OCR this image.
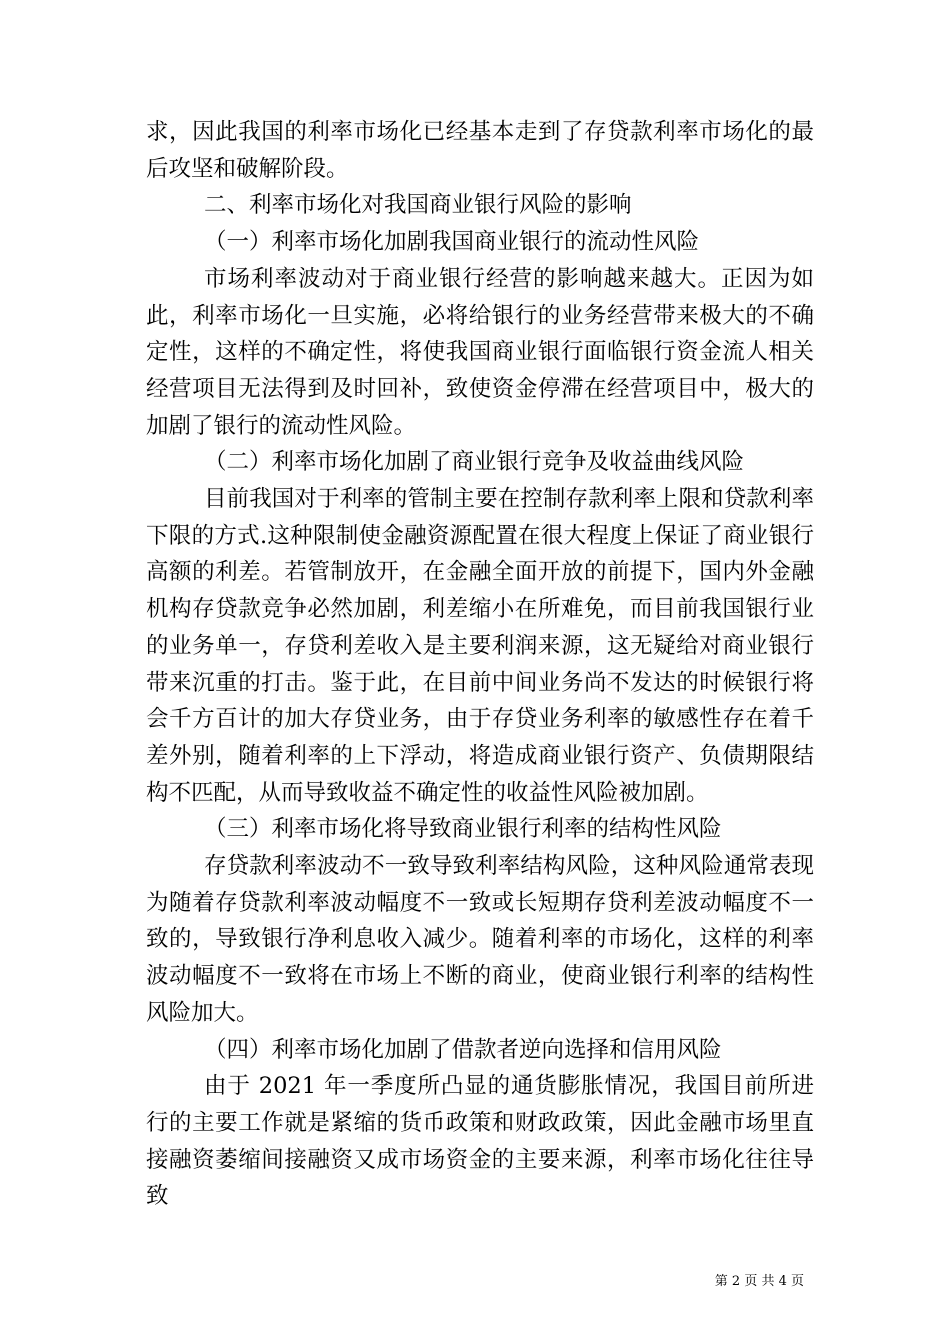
求，因此我国的利率市场化已经基本走到了存贷款利率市场化的最后攻坚和破解阶段。

二、利率市场化对我国商业银行风险的影响

（一）利率市场化加剧我国商业银行的流动性风险

市场利率波动对于商业银行经营的影响越来越大。正因为如此，利率市场化一旦实施，必将给银行的业务经营带来极大的不确定性，这样的不确定性，将使我国商业银行面临银行资金流人相关经营项目无法得到及时回补，致使资金停滞在经营项目中，极大的加剧了银行的流动性风险。

（二）利率市场化加剧了商业银行竞争及收益曲线风险

目前我国对于利率的管制主要在控制存款利率上限和贷款利率下限的方式.这种限制使金融资源配置在很大程度上保证了商业银行高额的利差。若管制放开，在金融全面开放的前提下，国内外金融机构存贷款竞争必然加剧，利差缩小在所难免，而目前我国银行业的业务单一，存贷利差收入是主要利润来源，这无疑给对商业银行带来沉重的打击。鉴于此，在目前中间业务尚不发达的时候银行将会千方百计的加大存贷业务，由于存贷业务利率的敏感性存在着千差外别，随着利率的上下浮动，将造成商业银行资产、负债期限结构不匹配，从而导致收益不确定性的收益性风险被加剧。

（三）利率市场化将导致商业银行利率的结构性风险

存贷款利率波动不一致导致利率结构风险，这种风险通常表现为随着存贷款利率波动幅度不一致或长短期存贷利差波动幅度不一致的，导致银行净利息收入减少。随着利率的市场化，这样的利率波动幅度不一致将在市场上不断的商业，使商业银行利率的结构性风险加大。

（四）利率市场化加剧了借款者逆向选择和信用风险

由于 2021 年一季度所凸显的通货膨胀情况，我国目前所进行的主要工作就是紧缩的货币政策和财政政策，因此金融市场里直接融资萎缩间接融资又成市场资金的主要来源，利率市场化往往导致

第 2 页 共 4 页
